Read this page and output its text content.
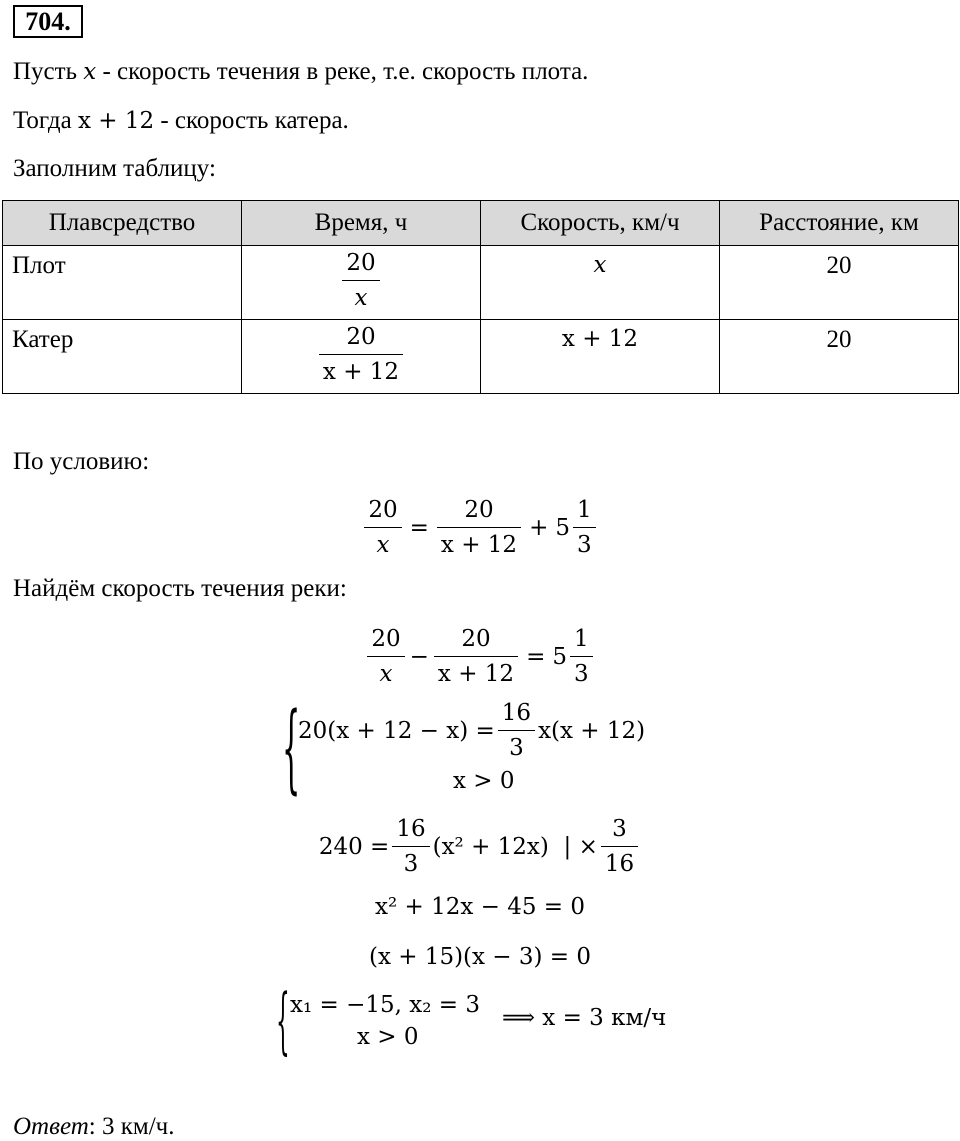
704.
Пусть x - скорость течения в реке, т.е. скорость плота.
Тогда x + 12 - скорость катера.
Заполним таблицу:
Плавсредство	Время, ч	Скорость, км/ч	Расстояние, км
Плот	$\frac{20}{x}$	x	20
Катер	$\frac{20}{x + 12}$	x + 12	20
По условию:
$\frac{20}{x} = \frac{20}{x + 12} + 5 \frac{1}{3}$
Найдём скорость течения реки:
$\frac{20}{x} - \frac{20}{x + 12} = 5 \frac{1}{3}$
{
$20(x + 12 - x) = \frac{16}{3} x(x + 12)$
x > 0
$240 = \frac{16}{3} (x^2 + 12x)$ | × $\frac{3}{16}$
x² + 12x − 45 = 0
(x + 15)(x − 3) = 0
{ x₁ = −15, x₂ = 3
x > 0
⟹ x = 3 км/ч
Ответ: 3 км/ч.
